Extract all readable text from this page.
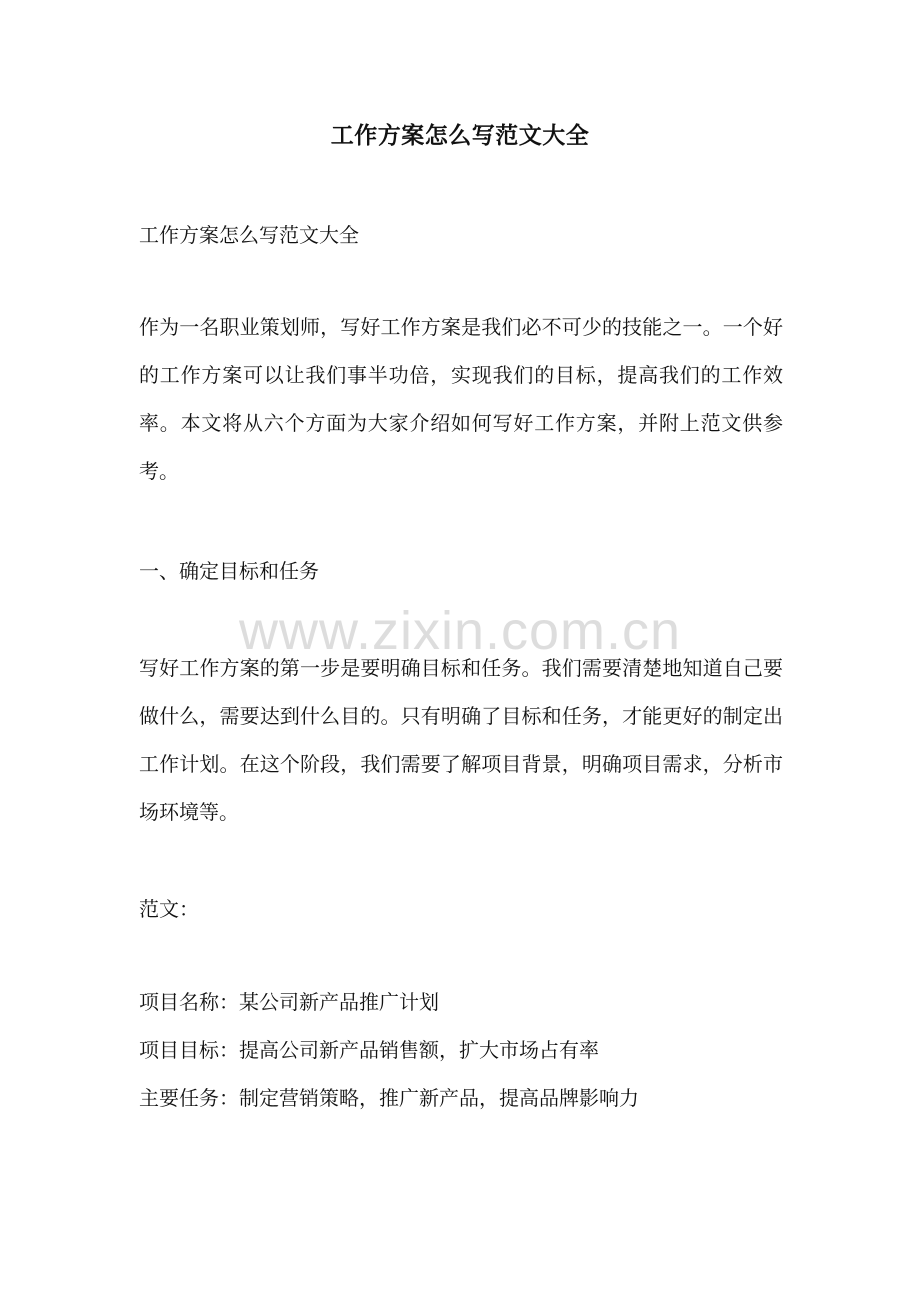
www.zixin.com.cn
工作方案怎么写范文大全
工作方案怎么写范文大全
作为一名职业策划师，写好工作方案是我们必不可少的技能之一。一个好的工作方案可以让我们事半功倍，实现我们的目标，提高我们的工作效率。本文将从六个方面为大家介绍如何写好工作方案，并附上范文供参考。
一、确定目标和任务
写好工作方案的第一步是要明确目标和任务。我们需要清楚地知道自己要做什么，需要达到什么目的。只有明确了目标和任务，才能更好的制定出工作计划。在这个阶段，我们需要了解项目背景，明确项目需求，分析市场环境等。
范文：
项目名称：某公司新产品推广计划
项目目标：提高公司新产品销售额，扩大市场占有率
主要任务：制定营销策略，推广新产品，提高品牌影响力
